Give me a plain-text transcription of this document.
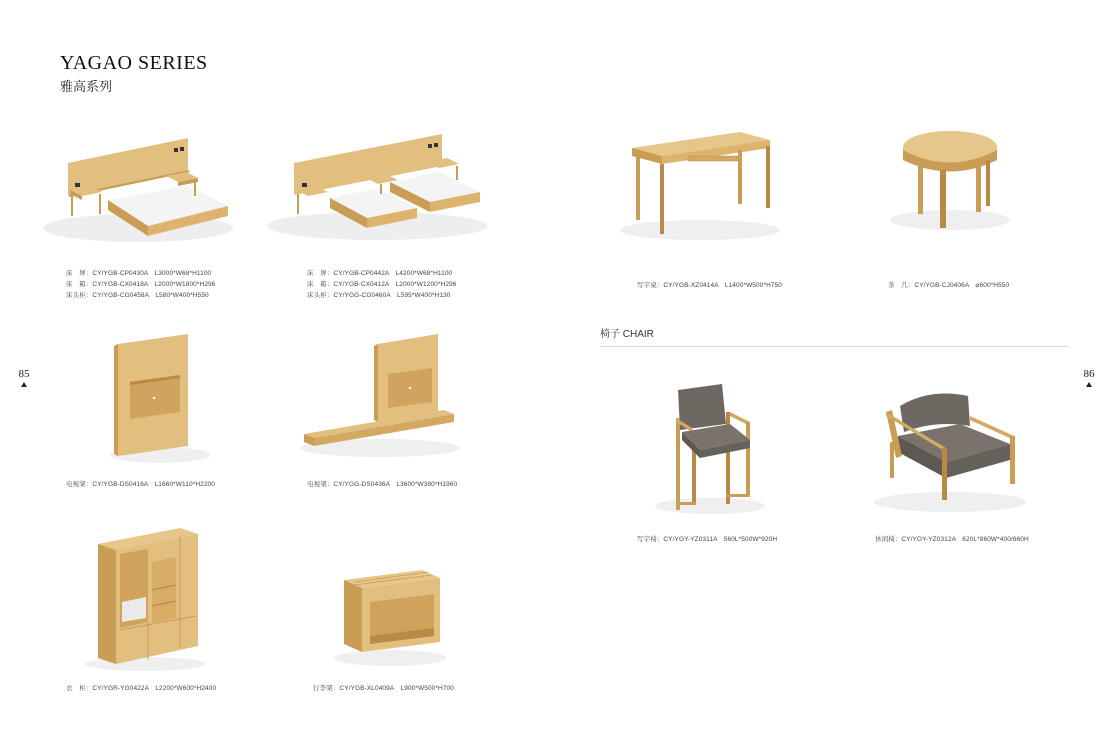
YAGAO SERIES
雅高系列
85	86
床　屏：CY/YGB-CP0430A　L3000*W68*H1100
床　箱：CY/YGB-CX0418A　L2000*W1800*H296
床头柜：CY/YGB-CG0458A　L580*W400*H550
床　屏：CY/YGB-CP0442A　L4200*W68*H1100
床　箱：CY/YGB-CX0412A　L2000*W1200*H296
床头柜：CY/YGG-CG0460A　L595*W400*H130
写字桌：CY/YGB-XZ0414A　L1400*W500*H750	茶　几：CY/YGB-CJ0406A　⌀600*H550
电视架：CY/YGB-DS0416A　L1660*W110*H2200	电视架：CY/YGG-DS0436A　L3600*W380*H1960
椅子 CHAIR
写字椅：CY/YGY-YZ0311A　560L*500W*920H	休闲椅：CY/YGY-YZ0312A　620L*860W*400/660H
衣　柜：CY/YGR-YG0422A　L2200*W600*H2400	行李架：CY/YGB-XL0409A　L900*W500*H700
